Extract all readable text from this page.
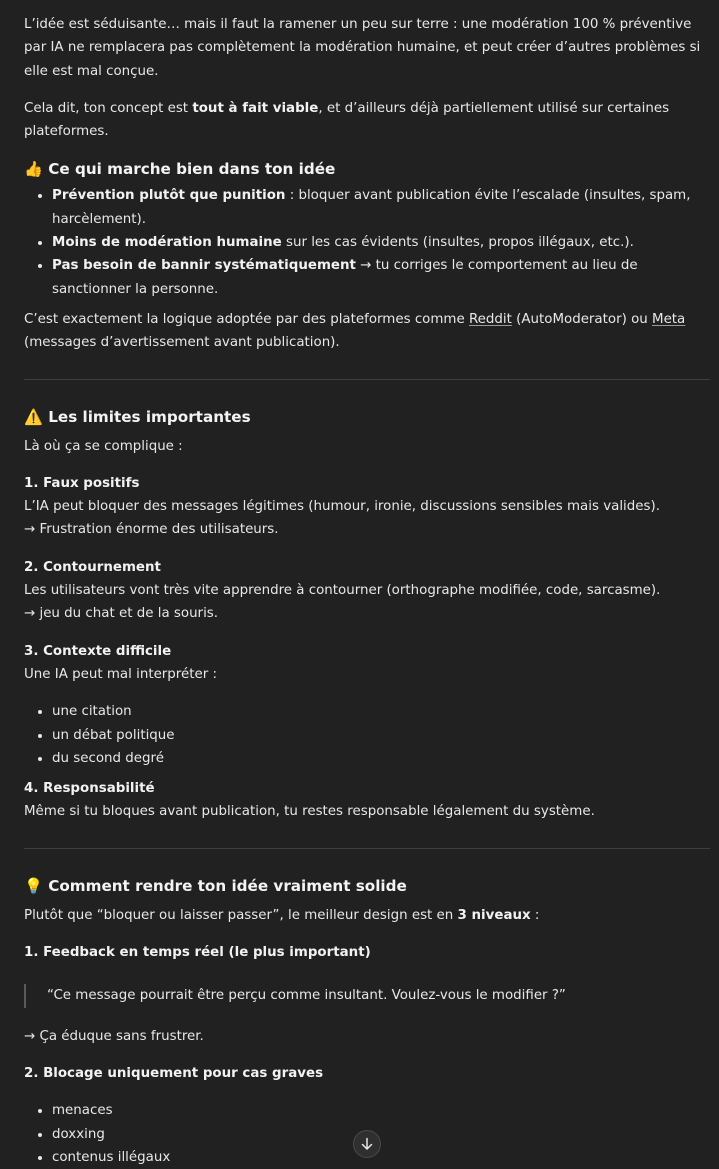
L’idée est séduisante… mais il faut la ramener un peu sur terre : une modération 100 % préventive par IA ne remplacera pas complètement la modération humaine, et peut créer d’autres problèmes si elle est mal conçue.

Cela dit, ton concept est tout à fait viable, et d’ailleurs déjà partiellement utilisé sur certaines plateformes.

👍 Ce qui marche bien dans ton idée
• Prévention plutôt que punition : bloquer avant publication évite l’escalade (insultes, spam, harcèlement).
• Moins de modération humaine sur les cas évidents (insultes, propos illégaux, etc.).
• Pas besoin de bannir systématiquement → tu corriges le comportement au lieu de sanctionner la personne.

C’est exactement la logique adoptée par des plateformes comme Reddit (AutoModerator) ou Meta (messages d’avertissement avant publication).

⚠️ Les limites importantes

Là où ça se complique :

1. Faux positifs

L’IA peut bloquer des messages légitimes (humour, ironie, discussions sensibles mais valides).

→ Frustration énorme des utilisateurs.

2. Contournement

Les utilisateurs vont très vite apprendre à contourner (orthographe modifiée, code, sarcasme).

→ jeu du chat et de la souris.

3. Contexte difficile

Une IA peut mal interpréter :

• une citation
• un débat politique
• du second degré

4. Responsabilité

Même si tu bloques avant publication, tu restes responsable légalement du système.

💡 Comment rendre ton idée vraiment solide

Plutôt que “bloquer ou laisser passer”, le meilleur design est en 3 niveaux :

1. Feedback en temps réel (le plus important)

“Ce message pourrait être perçu comme insultant. Voulez-vous le modifier ?”

→ Ça éduque sans frustrer.

2. Blocage uniquement pour cas graves

• menaces
• doxxing
• contenus illégaux
